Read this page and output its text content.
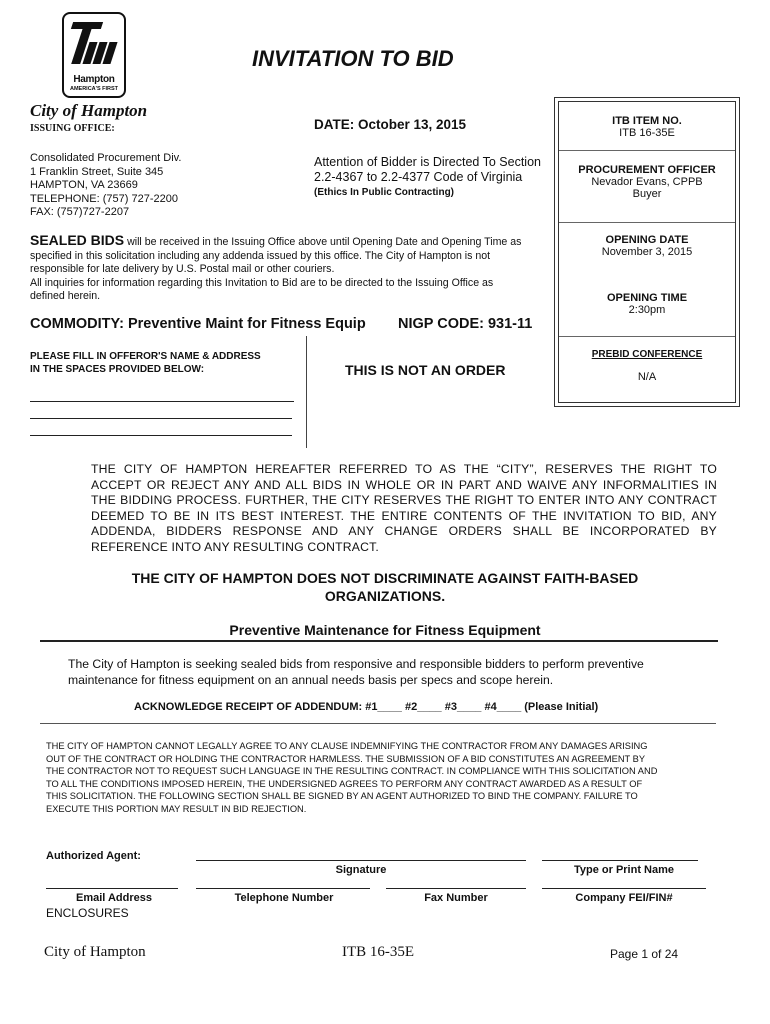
Hampton
AMERICA'S FIRST
INVITATION TO BID
City of Hampton
ISSUING OFFICE:
Consolidated Procurement Div.
1 Franklin Street, Suite 345
HAMPTON, VA 23669
TELEPHONE: (757) 727-2200
FAX: (757)727-2207
DATE: October 13, 2015
Attention of Bidder is Directed To Section
2.2-4367 to 2.2-4377 Code of Virginia
(Ethics In Public Contracting)
ITB ITEM NO.
ITB 16-35E
PROCUREMENT OFFICER
Nevador Evans, CPPB
Buyer
OPENING DATE
November 3, 2015
OPENING TIME
2:30pm
PREBID CONFERENCE
N/A
SEALED BIDS will be received in the Issuing Office above until Opening Date and Opening Time as
specified in this solicitation including any addenda issued by this office. The City of Hampton is not
responsible for late delivery by U.S. Postal mail or other couriers.
All inquiries for information regarding this Invitation to Bid are to be directed to the Issuing Office as
defined herein.
COMMODITY: Preventive Maint for Fitness Equip NIGP CODE: 931-11
PLEASE FILL IN OFFEROR'S NAME & ADDRESS
IN THE SPACES PROVIDED BELOW:	THIS IS NOT AN ORDER
THE CITY OF HAMPTON HEREAFTER REFERRED TO AS THE “CITY”, RESERVES THE RIGHT TO
ACCEPT OR REJECT ANY AND ALL BIDS IN WHOLE OR IN PART AND WAIVE ANY INFORMALITIES IN
THE BIDDING PROCESS. FURTHER, THE CITY RESERVES THE RIGHT TO ENTER INTO ANY CONTRACT
DEEMED TO BE IN ITS BEST INTEREST. THE ENTIRE CONTENTS OF THE INVITATION TO BID, ANY
ADDENDA, BIDDERS RESPONSE AND ANY CHANGE ORDERS SHALL BE INCORPORATED BY
REFERENCE INTO ANY RESULTING CONTRACT.
THE CITY OF HAMPTON DOES NOT DISCRIMINATE AGAINST FAITH-BASED
ORGANIZATIONS.
Preventive Maintenance for Fitness Equipment
The City of Hampton is seeking sealed bids from responsive and responsible bidders to perform preventive
maintenance for fitness equipment on an annual needs basis per specs and scope herein.
ACKNOWLEDGE RECEIPT OF ADDENDUM: #1____ #2____ #3____ #4____ (Please Initial)
THE CITY OF HAMPTON CANNOT LEGALLY AGREE TO ANY CLAUSE INDEMNIFYING THE CONTRACTOR FROM ANY DAMAGES ARISING
OUT OF THE CONTRACT OR HOLDING THE CONTRACTOR HARMLESS. THE SUBMISSION OF A BID CONSTITUTES AN AGREEMENT BY
THE CONTRACTOR NOT TO REQUEST SUCH LANGUAGE IN THE RESULTING CONTRACT. IN COMPLIANCE WITH THIS SOLICITATION AND
TO ALL THE CONDITIONS IMPOSED HEREIN, THE UNDERSIGNED AGREES TO PERFORM ANY CONTRACT AWARDED AS A RESULT OF
THIS SOLICITATION. THE FOLLOWING SECTION SHALL BE SIGNED BY AN AGENT AUTHORIZED TO BIND THE COMPANY. FAILURE TO
EXECUTE THIS PORTION MAY RESULT IN BID REJECTION.
Authorized Agent:
Signature	Type or Print Name
Email Address	Telephone Number	Fax Number	Company FEI/FIN#
ENCLOSURES
City of Hampton	ITB 16-35E	Page 1 of 24
